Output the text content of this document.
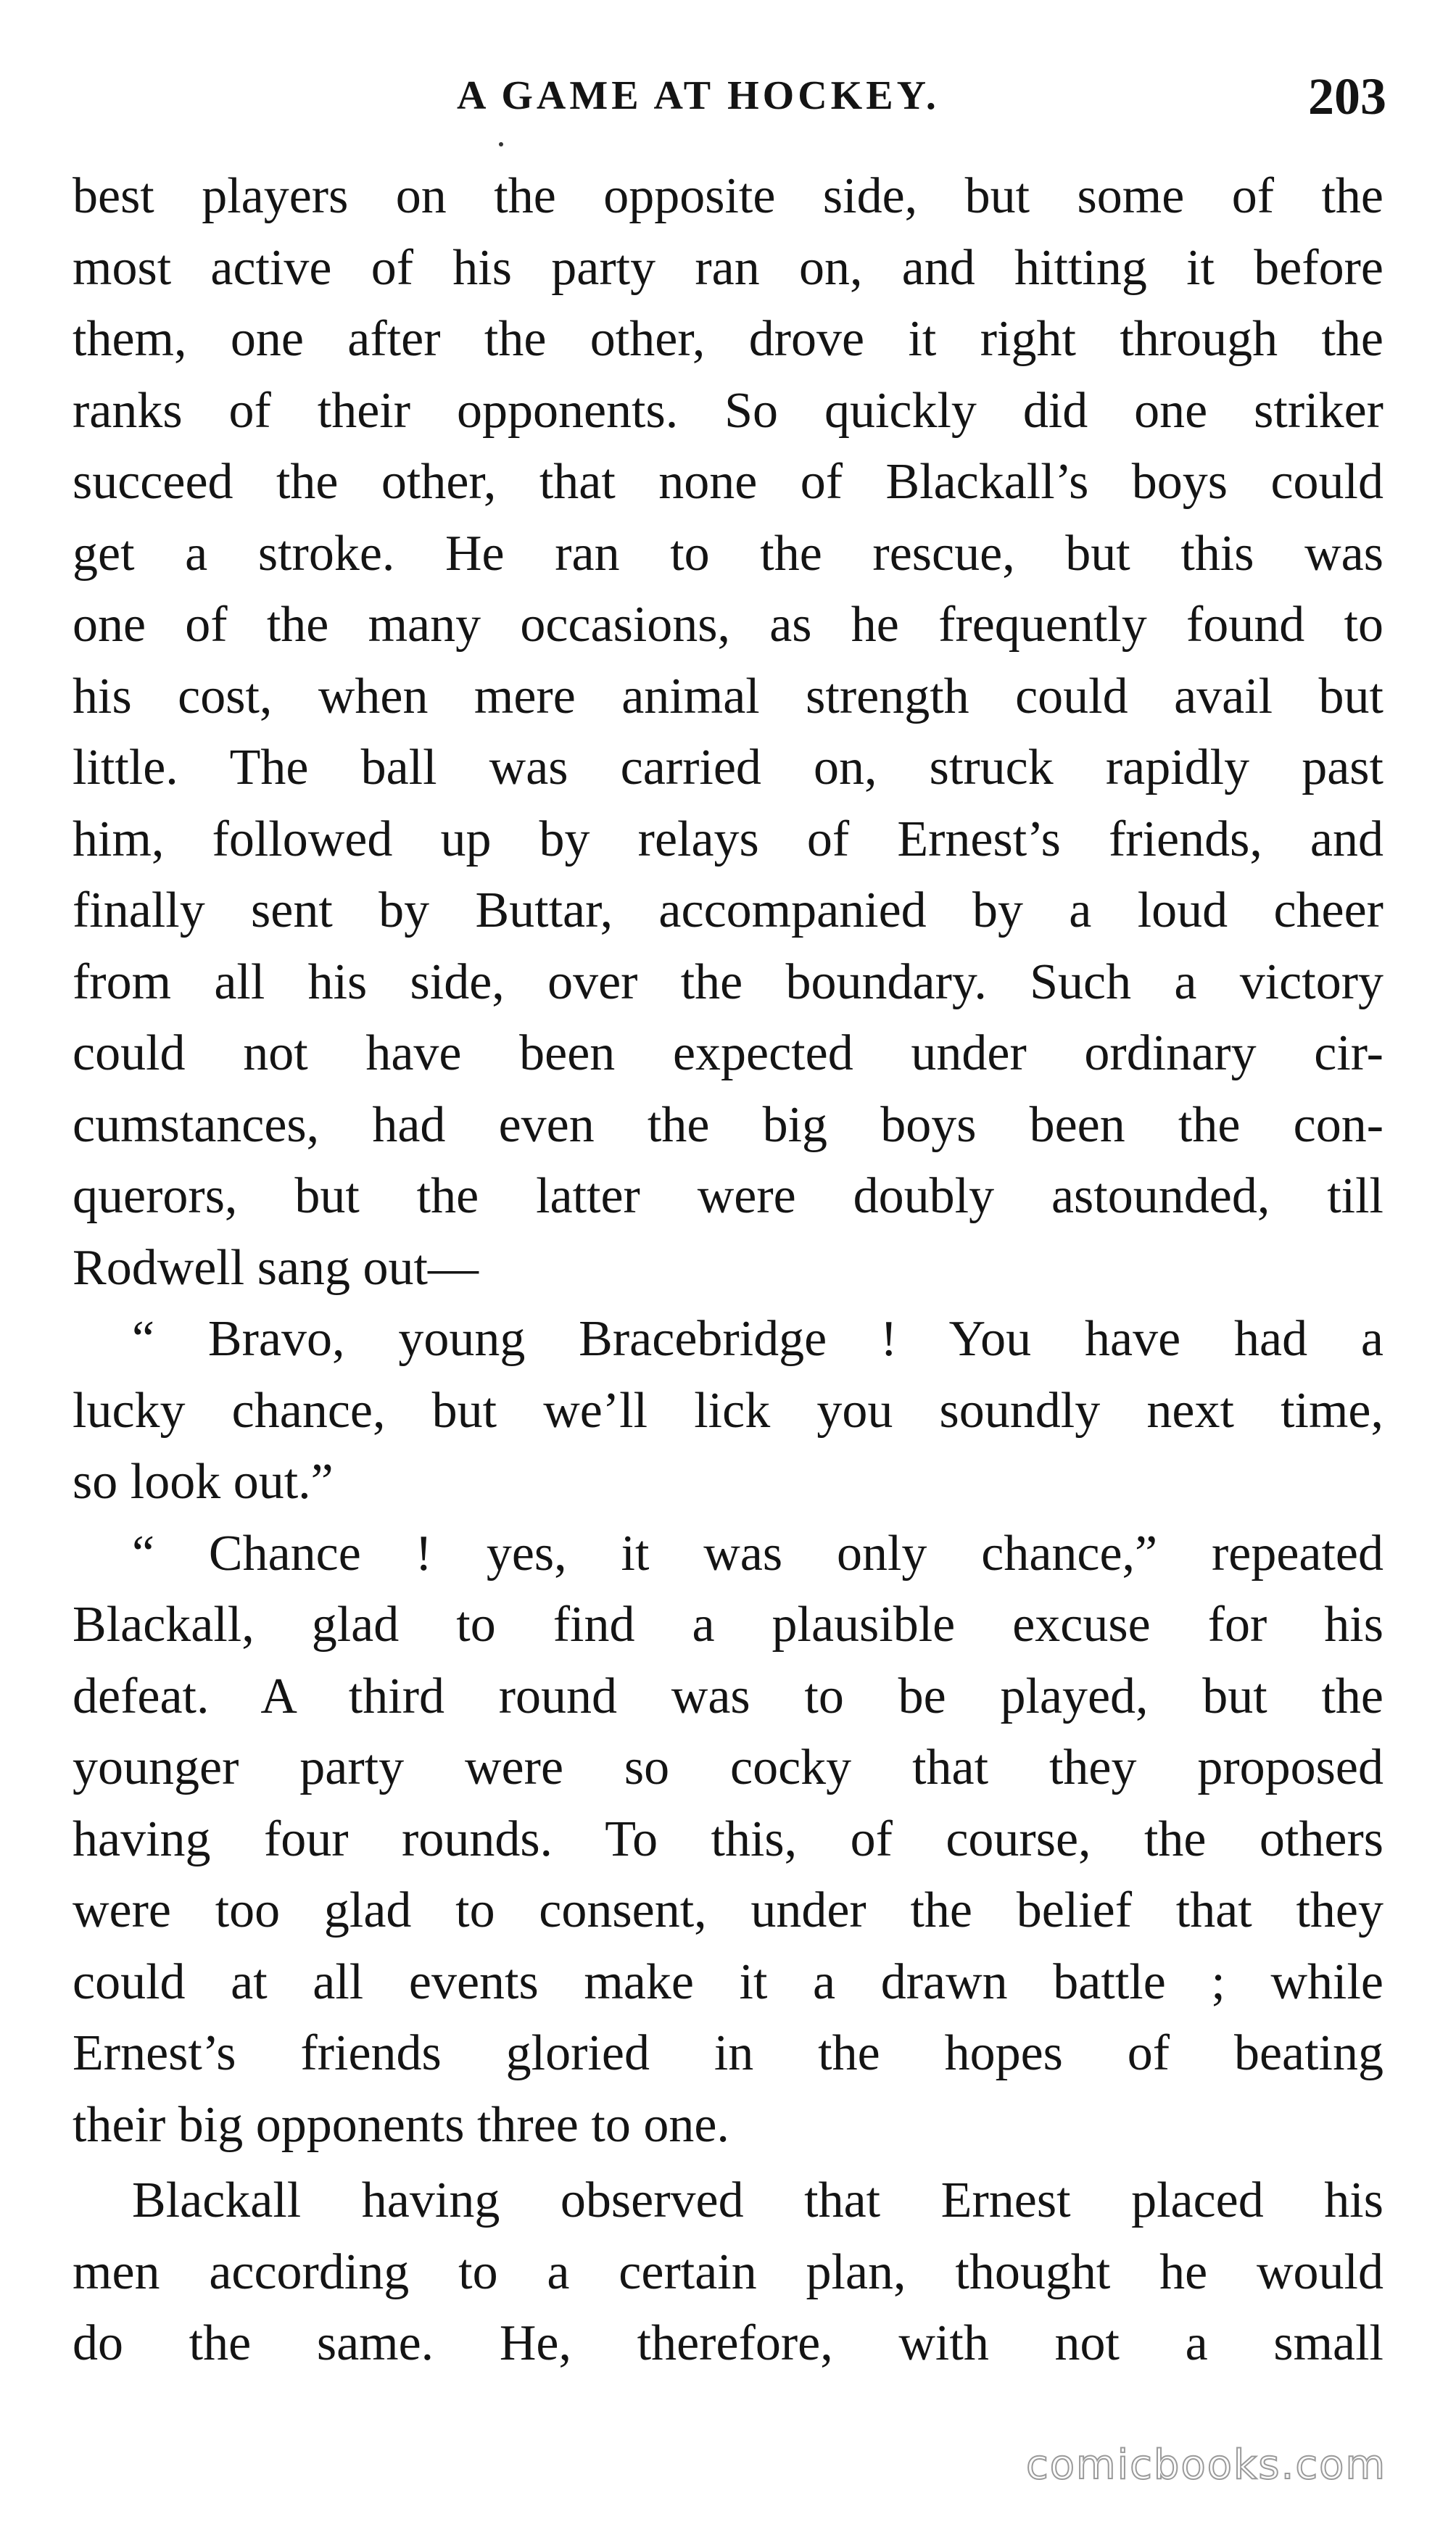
A GAME AT HOCKEY.	203
best players on the opposite side, but some of the
most active of his party ran on, and hitting it before
them, one after the other, drove it right through the
ranks of their opponents. So quickly did one striker
succeed the other, that none of Blackall’s boys could
get a stroke. He ran to the rescue, but this was
one of the many occasions, as he frequently found to
his cost, when mere animal strength could avail but
little. The ball was carried on, struck rapidly past
him, followed up by relays of Ernest’s friends, and
finally sent by Buttar, accompanied by a loud cheer
from all his side, over the boundary. Such a victory
could not have been expected under ordinary cir-
cumstances, had even the big boys been the con-
querors, but the latter were doubly astounded, till
Rodwell sang out—
“ Bravo, young Bracebridge ! You have had a
lucky chance, but we’ll lick you soundly next time,
so look out.”
“ Chance ! yes, it was only chance,” repeated
Blackall, glad to find a plausible excuse for his
defeat. A third round was to be played, but the
younger party were so cocky that they proposed
having four rounds. To this, of course, the others
were too glad to consent, under the belief that they
could at all events make it a drawn battle ; while
Ernest’s friends gloried in the hopes of beating
their big opponents three to one.
Blackall having observed that Ernest placed his
men according to a certain plan, thought he would
do the same. He, therefore, with not a small
comicbooks.com
